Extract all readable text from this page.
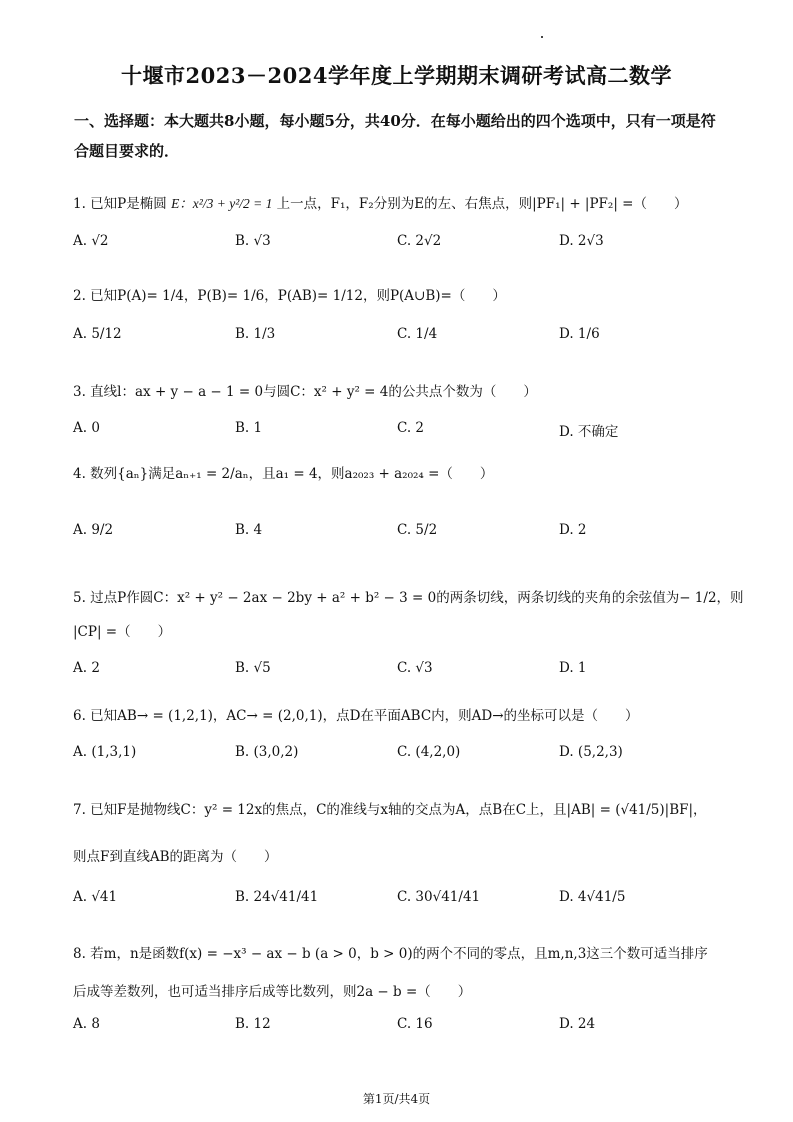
十堰市2023－2024学年度上学期期末调研考试高二数学
一、选择题：本大题共8小题，每小题5分，共40分．在每小题给出的四个选项中，只有一项是符合题目要求的．
1. 已知P是椭圆 E：x²/3 + y²/2 = 1 上一点，F₁，F₂分别为E的左、右焦点，则|PF₁| + |PF₂| =（　　）
A. √2	B. √3	C. 2√2	D. 2√3
2. 已知P(A)= 1/4，P(B)= 1/6，P(AB)= 1/12，则P(A∪B)=（　　）
A. 5/12	B. 1/3	C. 1/4	D. 1/6
3. 直线l：ax + y − a − 1 = 0与圆C：x² + y² = 4的公共点个数为（　　）
A. 0	B. 1	C. 2	D. 不确定
4. 数列{aₙ}满足aₙ₊₁ = 2/aₙ，且a₁ = 4，则a₂₀₂₃ + a₂₀₂₄ =（　　）
A. 9/2	B. 4	C. 5/2	D. 2
5. 过点P作圆C：x² + y² − 2ax − 2by + a² + b² − 3 = 0的两条切线，两条切线的夹角的余弦值为− 1/2，则
|CP| =（　　）
A. 2	B. √5	C. √3	D. 1
6. 已知AB→ = (1,2,1)，AC→ = (2,0,1)，点D在平面ABC内，则AD→的坐标可以是（　　）
A. (1,3,1)	B. (3,0,2)	C. (4,2,0)	D. (5,2,3)
7. 已知F是抛物线C：y² = 12x的焦点，C的准线与x轴的交点为A，点B在C上，且|AB| = (√41/5)|BF|，
则点F到直线AB的距离为（　　）
A. √41	B. 24√41/41	C. 30√41/41	D. 4√41/5
8. 若m，n是函数f(x) = −x³ − ax − b (a > 0，b > 0)的两个不同的零点，且m,n,3这三个数可适当排序
后成等差数列，也可适当排序后成等比数列，则2a − b =（　　）
A. 8	B. 12	C. 16	D. 24
第1页/共4页
